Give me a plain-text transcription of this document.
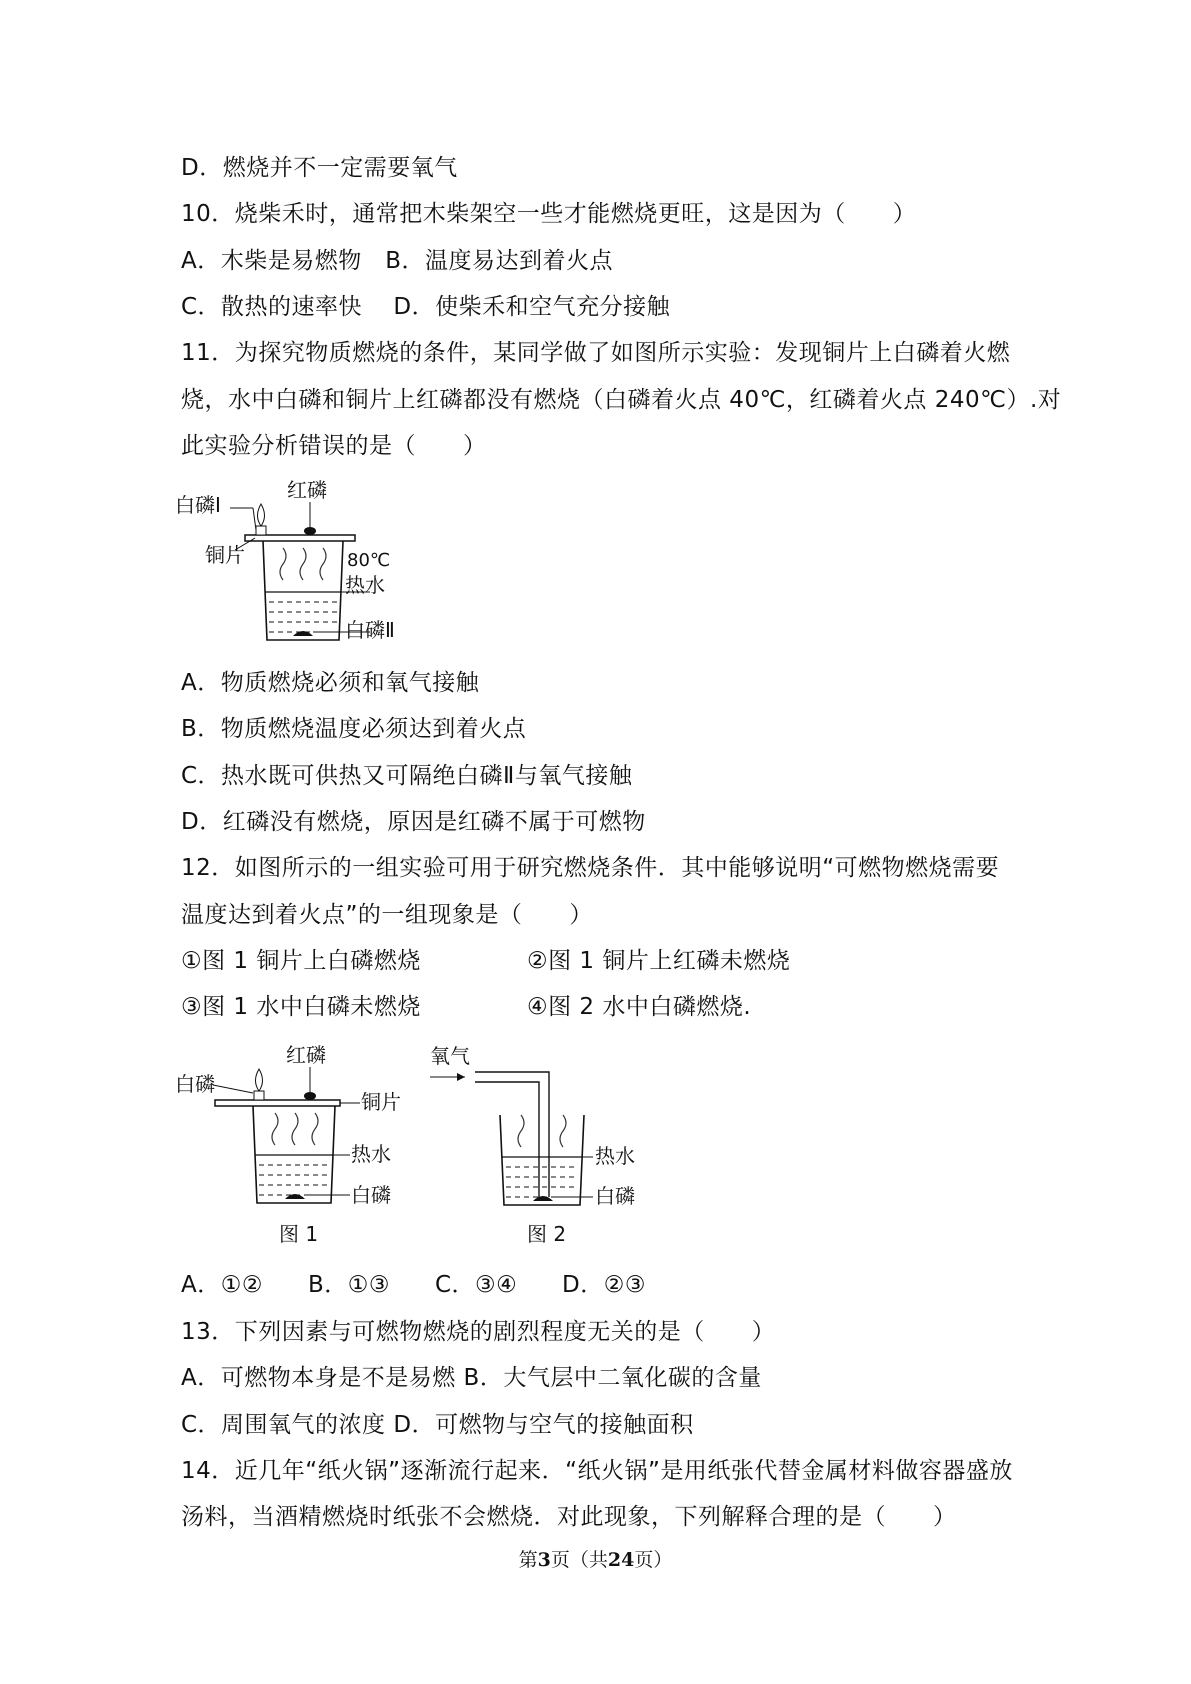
D．燃烧并不一定需要氧气
10．烧柴禾时，通常把木柴架空一些才能燃烧更旺，这是因为（　　）
A．木柴是易燃物　B．温度易达到着火点
C．散热的速率快　 D．使柴禾和空气充分接触
11．为探究物质燃烧的条件，某同学做了如图所示实验：发现铜片上白磷着火燃
烧，水中白磷和铜片上红磷都没有燃烧（白磷着火点 40℃，红磷着火点 240℃）.对
此实验分析错误的是（　　）
红磷
白磷Ⅰ
铜片	80℃
热水
白磷Ⅱ
A．物质燃烧必须和氧气接触
B．物质燃烧温度必须达到着火点
C．热水既可供热又可隔绝白磷Ⅱ与氧气接触
D．红磷没有燃烧，原因是红磷不属于可燃物
12．如图所示的一组实验可用于研究燃烧条件．其中能够说明“可燃物燃烧需要
温度达到着火点”的一组现象是（　　）
①图 1 铜片上白磷燃烧	②图 1 铜片上红磷未燃烧
③图 1 水中白磷未燃烧	④图 2 水中白磷燃烧.
红磷
白磷
铜片
热水
白磷
图 1
氧气
热水
白磷
图 2
A．①②	B．①③	C．③④	D．②③
13．下列因素与可燃物燃烧的剧烈程度无关的是（　　）
A．可燃物本身是不是易燃 B．大气层中二氧化碳的含量
C．周围氧气的浓度 D．可燃物与空气的接触面积
14．近几年“纸火锅”逐渐流行起来．“纸火锅”是用纸张代替金属材料做容器盛放
汤料，当酒精燃烧时纸张不会燃烧．对此现象，下列解释合理的是（　　）
第3页（共24页）
